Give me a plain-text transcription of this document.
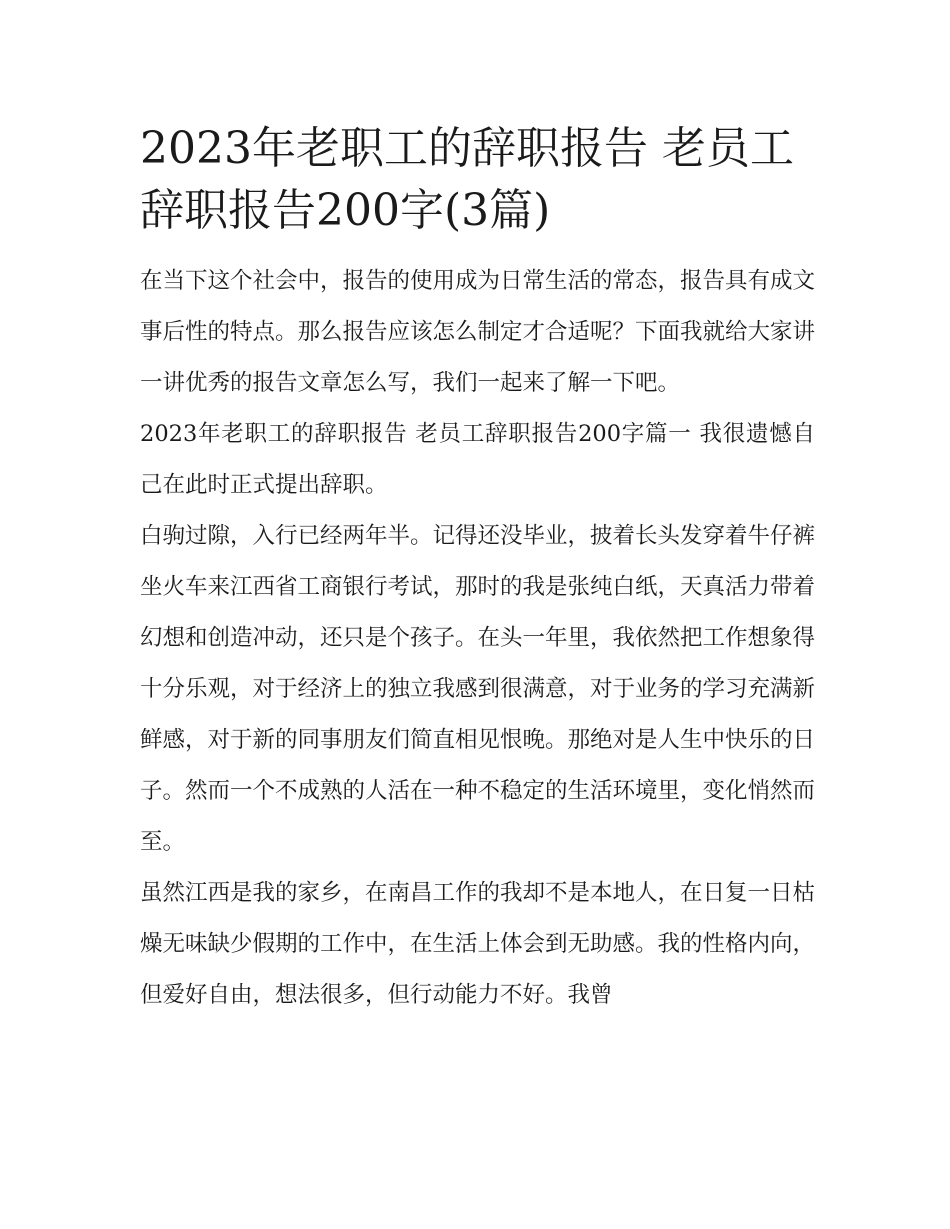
2023年老职工的辞职报告 老员工辞职报告200字(3篇)

在当下这个社会中，报告的使用成为日常生活的常态，报告具有成文事后性的特点。那么报告应该怎么制定才合适呢？下面我就给大家讲一讲优秀的报告文章怎么写，我们一起来了解一下吧。

2023年老职工的辞职报告 老员工辞职报告200字篇一 我很遗憾自己在此时正式提出辞职。

白驹过隙，入行已经两年半。记得还没毕业，披着长头发穿着牛仔裤坐火车来江西省工商银行考试，那时的我是张纯白纸，天真活力带着幻想和创造冲动，还只是个孩子。在头一年里，我依然把工作想象得十分乐观，对于经济上的独立我感到很满意，对于业务的学习充满新鲜感，对于新的同事朋友们简直相见恨晚。那绝对是人生中快乐的日子。然而一个不成熟的人活在一种不稳定的生活环境里，变化悄然而至。

虽然江西是我的家乡，在南昌工作的我却不是本地人，在日复一日枯燥无味缺少假期的工作中，在生活上体会到无助感。我的性格内向，但爱好自由，想法很多，但行动能力不好。我曾
